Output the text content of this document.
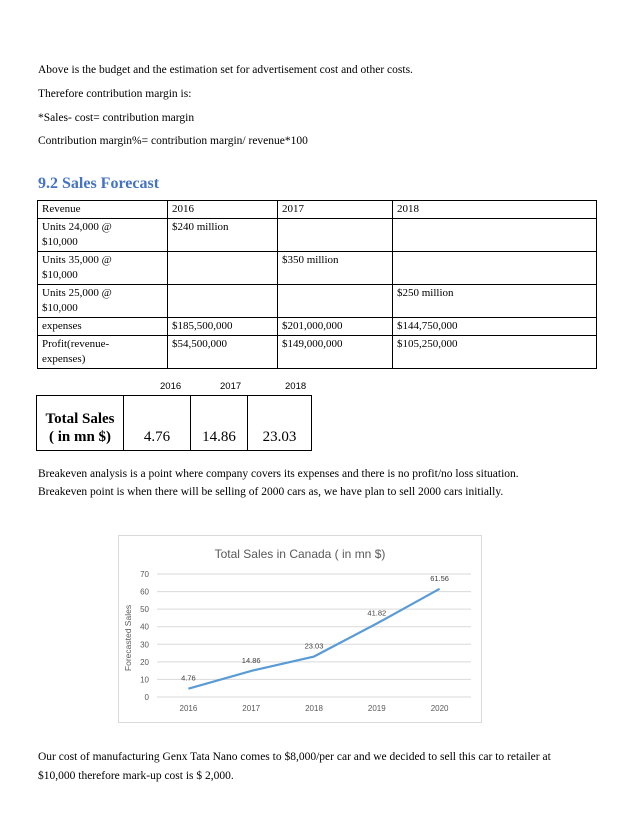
Above is the budget and the estimation set for advertisement cost and other costs.

Therefore contribution margin is:

*Sales- cost= contribution margin

Contribution margin%= contribution margin/ revenue*100

9.2 Sales Forecast
Revenue	2016	2017	2018
Units 24,000 @
$10,000	$240 million		
Units 35,000 @
$10,000		$350 million	
Units 25,000 @
$10,000			$250 million
expenses	$185,500,000	$201,000,000	$144,750,000
Profit(revenue-
expenses)	$54,500,000	$149,000,000	$105,250,000
2016	2017	2018
Total Sales
( in mn $)	4.76	14.86	23.03

Breakeven analysis is a point where company covers its expenses and there is no profit/no loss situation.

Breakeven point is when there will be selling of 2000 cars as, we have plan to sell 2000 cars initially.

Total Sales in Canada ( in mn $)
Forecasted Sales
0
10
20
30
40
50
60
70
2016	2017	2018	2019	2020
4.76
14.86
23.03
41.82
61.56

Our cost of manufacturing Genx Tata Nano comes to $8,000/per car and we decided to sell this car to retailer at

$10,000 therefore mark-up cost is $ 2,000.
